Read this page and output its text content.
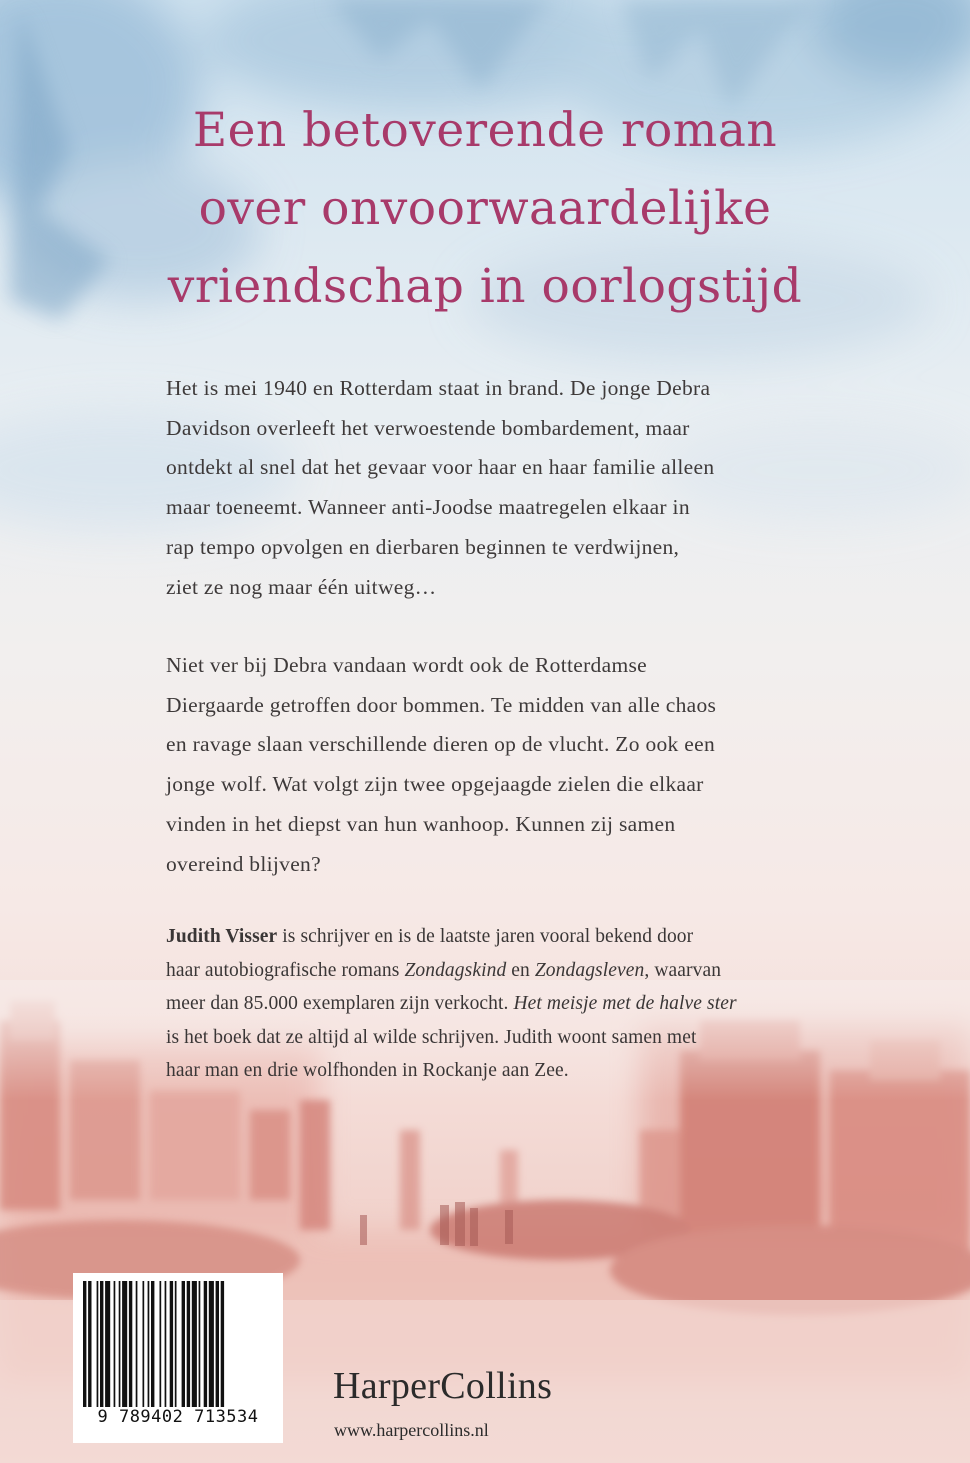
Een betoverende roman
over onvoorwaardelijke
vriendschap in oorlogstijd

Het is mei 1940 en Rotterdam staat in brand. De jonge Debra
Davidson overleeft het verwoestende bombardement, maar
ontdekt al snel dat het gevaar voor haar en haar familie alleen
maar toeneemt. Wanneer anti-Joodse maatregelen elkaar in
rap tempo opvolgen en dierbaren beginnen te verdwijnen,
ziet ze nog maar één uitweg…

Niet ver bij Debra vandaan wordt ook de Rotterdamse
Diergaarde getroffen door bommen. Te midden van alle chaos
en ravage slaan verschillende dieren op de vlucht. Zo ook een
jonge wolf. Wat volgt zijn twee opgejaagde zielen die elkaar
vinden in het diepst van hun wanhoop. Kunnen zij samen
overeind blijven?

Judith Visser is schrijver en is de laatste jaren vooral bekend door
haar autobiografische romans Zondagskind en Zondagsleven, waarvan
meer dan 85.000 exemplaren zijn verkocht. Het meisje met de halve ster
is het boek dat ze altijd al wilde schrijven. Judith woont samen met
haar man en drie wolfhonden in Rockanje aan Zee.

9 789402 713534
HarperCollins
www.harpercollins.nl
